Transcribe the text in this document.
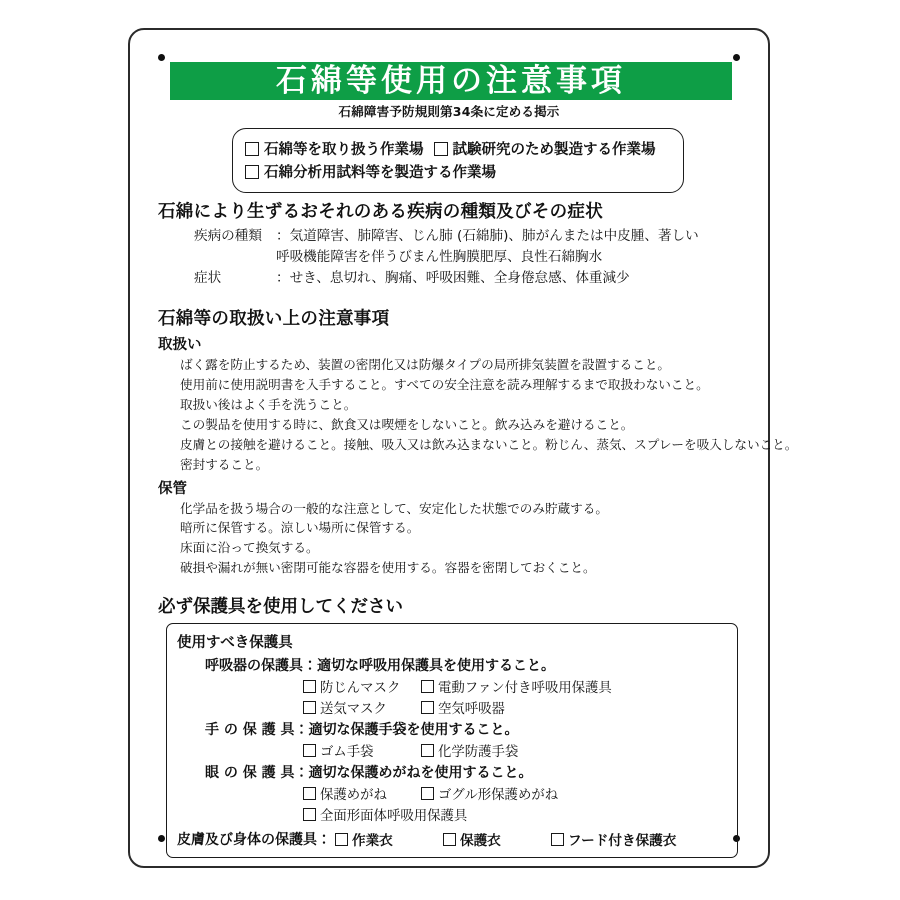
石綿等使用の注意事項
石綿障害予防規則第34条に定める掲示
石綿等を取り扱う作業場 試験研究のため製造する作業場
石綿分析用試料等を製造する作業場
石綿により生ずるおそれのある疾病の種類及びその症状
疾病の種類	： 気道障害、肺障害、じん肺 (石綿肺)、肺がんまたは中皮腫、著しい
呼吸機能障害を伴うびまん性胸膜肥厚、良性石綿胸水
症状	： せき、息切れ、胸痛、呼吸困難、全身倦怠感、体重減少
石綿等の取扱い上の注意事項
取扱い

ばく露を防止するため、装置の密閉化又は防爆タイプの局所排気装置を設置すること。

使用前に使用説明書を入手すること。すべての安全注意を読み理解するまで取扱わないこと。

取扱い後はよく手を洗うこと。

この製品を使用する時に、飲食又は喫煙をしないこと。飲み込みを避けること。

皮膚との接触を避けること。接触、吸入又は飲み込まないこと。粉じん、蒸気、スプレーを吸入しないこと。

密封すること。

保管

化学品を扱う場合の一般的な注意として、安定化した状態でのみ貯蔵する。

暗所に保管する。涼しい場所に保管する。

床面に沿って換気する。

破損や漏れが無い密閉可能な容器を使用する。容器を密閉しておくこと。

必ず保護具を使用してください
使用すべき保護具
呼吸器の保護具：適切な呼吸用保護具を使用すること。
防じんマスク	電動ファン付き呼吸用保護具
送気マスク	空気呼吸器
手 の 保 護 具：適切な保護手袋を使用すること。
ゴム手袋	化学防護手袋
眼 の 保 護 具：適切な保護めがねを使用すること。
保護めがね	ゴグル形保護めがね
全面形面体呼吸用保護具
皮膚及び身体の保護具： 作業衣	保護衣	フード付き保護衣
